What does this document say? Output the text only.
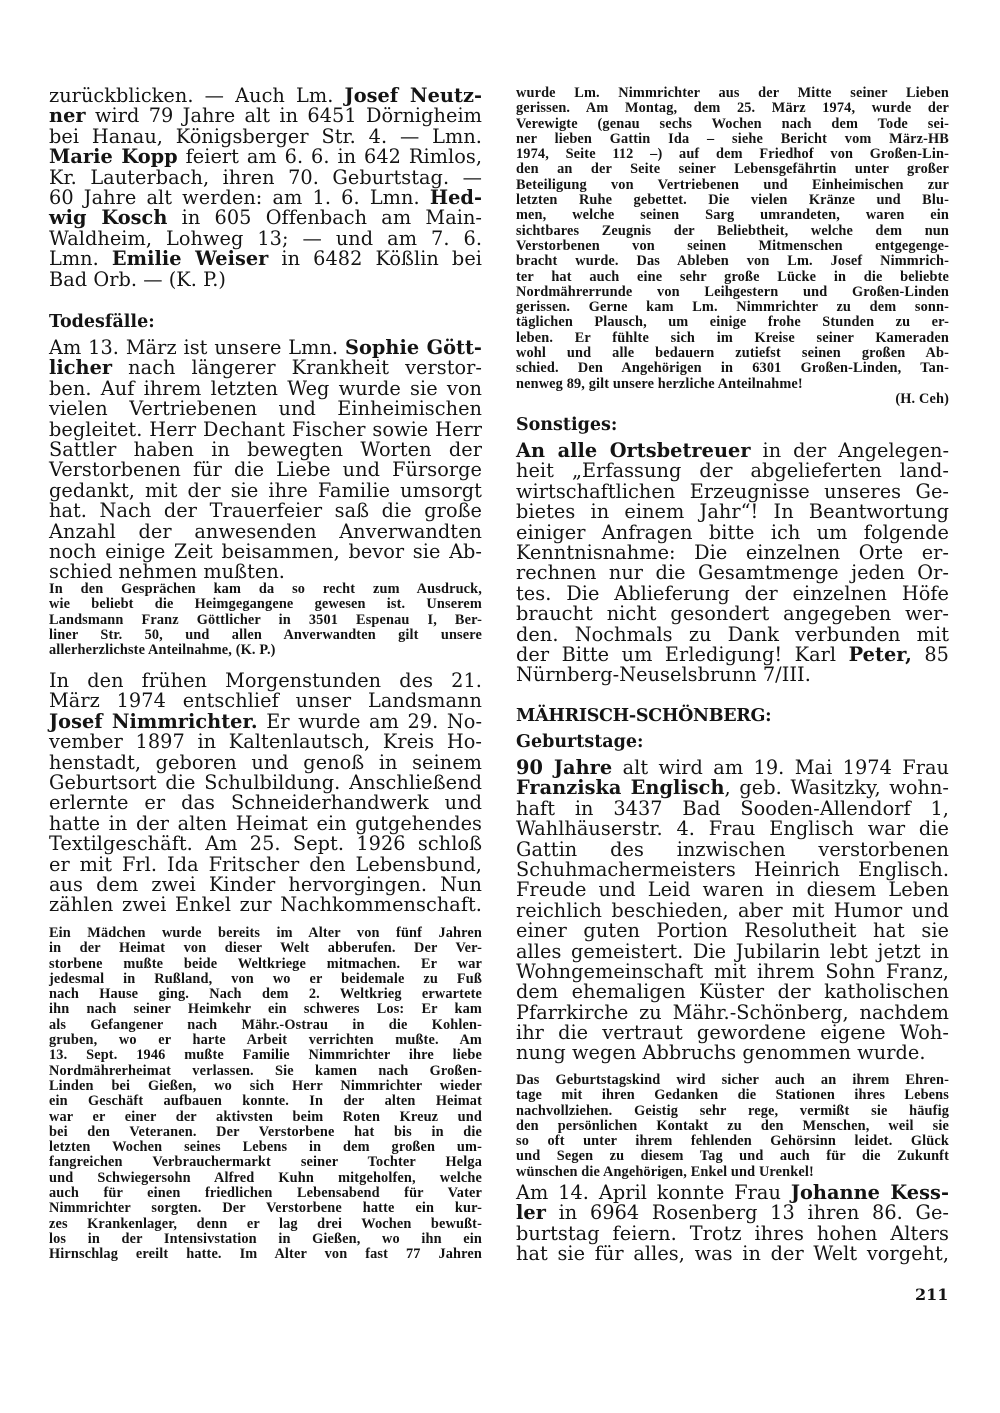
zurückblicken. — Auch Lm. Josef Neutz-
ner wird 79 Jahre alt in 6451 Dörnigheim
bei Hanau, Königsberger Str. 4. — Lmn.
Marie Kopp feiert am 6. 6. in 642 Rimlos,
Kr. Lauterbach, ihren 70. Geburtstag. —
60 Jahre alt werden: am 1. 6. Lmn. Hed-
wig Kosch in 605 Offenbach am Main-
Waldheim, Lohweg 13; — und am 7. 6.
Lmn. Emilie Weiser in 6482 Kößlin bei
Bad Orb. — (K. P.)
Todesfälle:
Am 13. März ist unsere Lmn. Sophie Gött-
licher nach längerer Krankheit verstor-
ben. Auf ihrem letzten Weg wurde sie von
vielen Vertriebenen und Einheimischen
begleitet. Herr Dechant Fischer sowie Herr
Sattler haben in bewegten Worten der
Verstorbenen für die Liebe und Fürsorge
gedankt, mit der sie ihre Familie umsorgt
hat. Nach der Trauerfeier saß die große
Anzahl der anwesenden Anverwandten
noch einige Zeit beisammen, bevor sie Ab-
schied nehmen mußten.
In den Gesprächen kam da so recht zum Ausdruck,
wie beliebt die Heimgegangene gewesen ist. Unserem
Landsmann Franz Göttlicher in 3501 Espenau I, Ber-
liner Str. 50, und allen Anverwandten gilt unsere
allerherzlichste Anteilnahme, (K. P.)
In den frühen Morgenstunden des 21.
März 1974 entschlief unser Landsmann
Josef Nimmrichter. Er wurde am 29. No-
vember 1897 in Kaltenlautsch, Kreis Ho-
henstadt, geboren und genoß in seinem
Geburtsort die Schulbildung. Anschließend
erlernte er das Schneiderhandwerk und
hatte in der alten Heimat ein gutgehendes
Textilgeschäft. Am 25. Sept. 1926 schloß
er mit Frl. Ida Fritscher den Lebensbund,
aus dem zwei Kinder hervorgingen. Nun
zählen zwei Enkel zur Nachkommenschaft.
Ein Mädchen wurde bereits im Alter von fünf Jahren
in der Heimat von dieser Welt abberufen. Der Ver-
storbene mußte beide Weltkriege mitmachen. Er war
jedesmal in Rußland, von wo er beidemale zu Fuß
nach Hause ging. Nach dem 2. Weltkrieg erwartete
ihn nach seiner Heimkehr ein schweres Los: Er kam
als Gefangener nach Mähr.-Ostrau in die Kohlen-
gruben, wo er harte Arbeit verrichten mußte. Am
13. Sept. 1946 mußte Familie Nimmrichter ihre liebe
Nordmährerheimat verlassen. Sie kamen nach Großen-
Linden bei Gießen, wo sich Herr Nimmrichter wieder
ein Geschäft aufbauen konnte. In der alten Heimat
war er einer der aktivsten beim Roten Kreuz und
bei den Veteranen. Der Verstorbene hat bis in die
letzten Wochen seines Lebens in dem großen um-
fangreichen Verbrauchermarkt seiner Tochter Helga
und Schwiegersohn Alfred Kuhn mitgeholfen, welche
auch für einen friedlichen Lebensabend für Vater
Nimmrichter sorgten. Der Verstorbene hatte ein kur-
zes Krankenlager, denn er lag drei Wochen bewußt-
los in der Intensivstation in Gießen, wo ihn ein
Hirnschlag ereilt hatte. Im Alter von fast 77 Jahren
wurde Lm. Nimmrichter aus der Mitte seiner Lieben
gerissen. Am Montag, dem 25. März 1974, wurde der
Verewigte (genau sechs Wochen nach dem Tode sei-
ner lieben Gattin Ida – siehe Bericht vom März-HB
1974, Seite 112 –) auf dem Friedhof von Großen-Lin-
den an der Seite seiner Lebensgefährtin unter großer
Beteiligung von Vertriebenen und Einheimischen zur
letzten Ruhe gebettet. Die vielen Kränze und Blu-
men, welche seinen Sarg umrandeten, waren ein
sichtbares Zeugnis der Beliebtheit, welche dem nun
Verstorbenen von seinen Mitmenschen entgegenge-
bracht wurde. Das Ableben von Lm. Josef Nimmrich-
ter hat auch eine sehr große Lücke in die beliebte
Nordmährerrunde von Leihgestern und Großen-Linden
gerissen. Gerne kam Lm. Nimmrichter zu dem sonn-
täglichen Plausch, um einige frohe Stunden zu er-
leben. Er fühlte sich im Kreise seiner Kameraden
wohl und alle bedauern zutiefst seinen großen Ab-
schied. Den Angehörigen in 6301 Großen-Linden, Tan-
nenweg 89, gilt unsere herzliche Anteilnahme!
(H. Ceh)
Sonstiges:
An alle Ortsbetreuer in der Angelegen-
heit „Erfassung der abgelieferten land-
wirtschaftlichen Erzeugnisse unseres Ge-
bietes in einem Jahr“! In Beantwortung
einiger Anfragen bitte ich um folgende
Kenntnisnahme: Die einzelnen Orte er-
rechnen nur die Gesamtmenge jeden Or-
tes. Die Ablieferung der einzelnen Höfe
braucht nicht gesondert angegeben wer-
den. Nochmals zu Dank verbunden mit
der Bitte um Erledigung! Karl Peter, 85
Nürnberg-Neuselsbrunn 7/III.
MÄHRISCH-SCHÖNBERG:
Geburtstage:
90 Jahre alt wird am 19. Mai 1974 Frau
Franziska Englisch, geb. Wasitzky, wohn-
haft in 3437 Bad Sooden-Allendorf 1,
Wahlhäuserstr. 4. Frau Englisch war die
Gattin des inzwischen verstorbenen
Schuhmachermeisters Heinrich Englisch.
Freude und Leid waren in diesem Leben
reichlich beschieden, aber mit Humor und
einer guten Portion Resolutheit hat sie
alles gemeistert. Die Jubilarin lebt jetzt in
Wohngemeinschaft mit ihrem Sohn Franz,
dem ehemaligen Küster der katholischen
Pfarrkirche zu Mähr.-Schönberg, nachdem
ihr die vertraut gewordene eigene Woh-
nung wegen Abbruchs genommen wurde.
Das Geburtstagskind wird sicher auch an ihrem Ehren-
tage mit ihren Gedanken die Stationen ihres Lebens
nachvollziehen. Geistig sehr rege, vermißt sie häufig
den persönlichen Kontakt zu den Menschen, weil sie
so oft unter ihrem fehlenden Gehörsinn leidet. Glück
und Segen zu diesem Tag und auch für die Zukunft
wünschen die Angehörigen, Enkel und Urenkel!
Am 14. April konnte Frau Johanne Kess-
ler in 6964 Rosenberg 13 ihren 86. Ge-
burtstag feiern. Trotz ihres hohen Alters
hat sie für alles, was in der Welt vorgeht,
211
